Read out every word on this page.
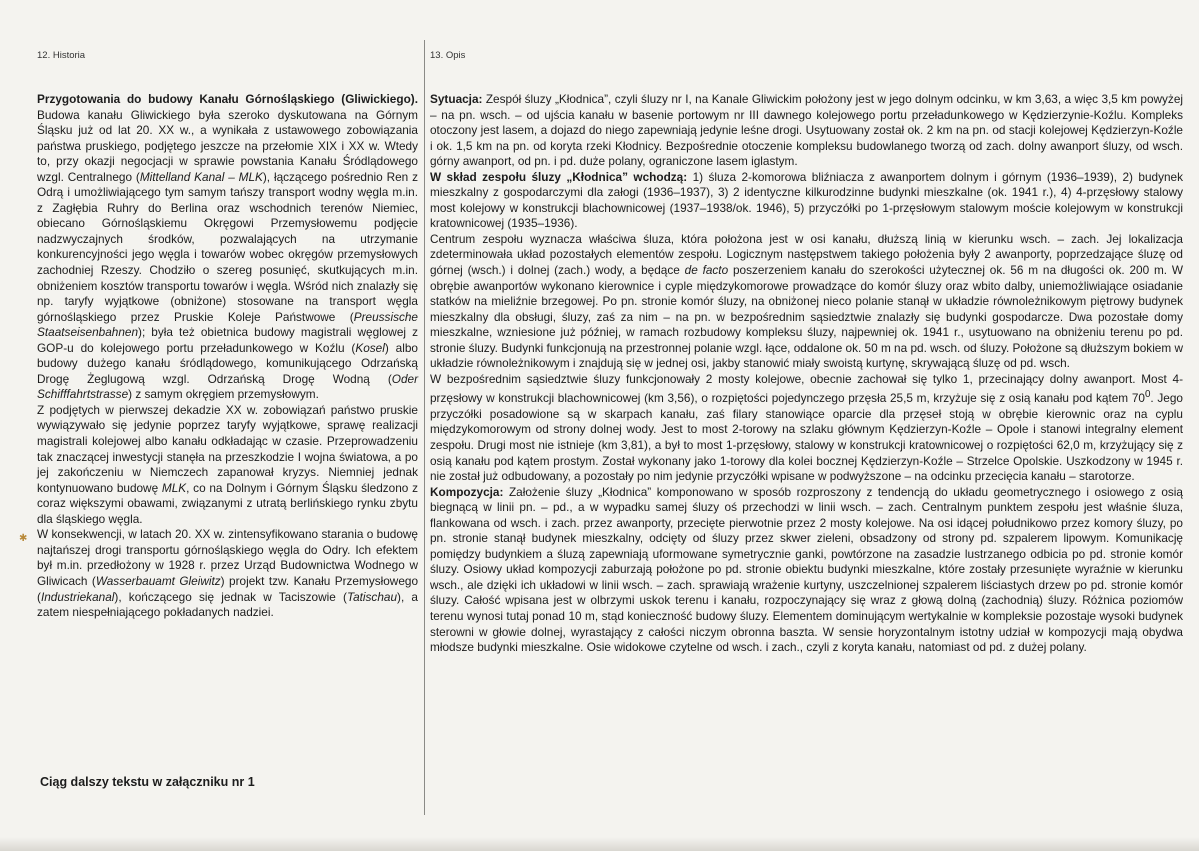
12. Historia	13. Opis
✱

Przygotowania do budowy Kanału Górnośląskiego (Gliwickiego). Budowa kanału Gliwickiego była szeroko dyskutowana na Górnym Śląsku już od lat 20. XX w., a wynikała z ustawowego zobowiązania państwa pruskiego, podjętego jeszcze na przełomie XIX i XX w. Wtedy to, przy okazji negocjacji w sprawie powstania Kanału Śródlądowego wzgl. Centralnego (Mittelland Kanal – MLK), łączącego pośrednio Ren z Odrą i umożliwiającego tym samym tańszy transport wodny węgla m.in. z Zagłębia Ruhry do Berlina oraz wschodnich terenów Niemiec, obiecano Górnośląskiemu Okręgowi Przemysłowemu podjęcie nadzwyczajnych środków, pozwalających na utrzymanie konkurencyjności jego węgla i towarów wobec okręgów przemysłowych zachodniej Rzeszy. Chodziło o szereg posunięć, skutkujących m.in. obniżeniem kosztów transportu towarów i węgla. Wśród nich znalazły się np. taryfy wyjątkowe (obniżone) stosowane na transport węgla górnośląskiego przez Pruskie Koleje Państwowe (Preussische Staatseisenbahnen); była też obietnica budowy magistrali węglowej z GOP-u do kolejowego portu przeładunkowego w Koźlu (Kosel) albo budowy dużego kanału śródlądowego, komunikującego Odrzańską Drogę Żeglugową wzgl. Odrzańską Drogę Wodną (Oder Schifffahrtstrasse) z samym okręgiem przemysłowym.

Z podjętych w pierwszej dekadzie XX w. zobowiązań państwo pruskie wywiązywało się jedynie poprzez taryfy wyjątkowe, sprawę realizacji magistrali kolejowej albo kanału odkładając w czasie. Przeprowadzeniu tak znaczącej inwestycji stanęła na przeszkodzie I wojna światowa, a po jej zakończeniu w Niemczech zapanował kryzys. Niemniej jednak kontynuowano budowę MLK, co na Dolnym i Górnym Śląsku śledzono z coraz większymi obawami, związanymi z utratą berlińskiego rynku zbytu dla śląskiego węgla.

W konsekwencji, w latach 20. XX w. zintensyfikowano starania o budowę najtańszej drogi transportu górnośląskiego węgla do Odry. Ich efektem był m.in. przedłożony w 1928 r. przez Urząd Budownictwa Wodnego w Gliwicach (Wasserbauamt Gleiwitz) projekt tzw. Kanału Przemysłowego (Industriekanal), kończącego się jednak w Taciszowie (Tatischau), a zatem niespełniającego pokładanych nadziei.

Ciąg dalszy tekstu w załączniku nr 1

Sytuacja: Zespół śluzy „Kłodnica”, czyli śluzy nr I, na Kanale Gliwickim położony jest w jego dolnym odcinku, w km 3,63, a więc 3,5 km powyżej – na pn. wsch. – od ujścia kanału w basenie portowym nr III dawnego kolejowego portu przeładunkowego w Kędzierzynie-Koźlu. Kompleks otoczony jest lasem, a dojazd do niego zapewniają jedynie leśne drogi. Usytuowany został ok. 2 km na pn. od stacji kolejowej Kędzierzyn-Koźle i ok. 1,5 km na pn. od koryta rzeki Kłodnicy. Bezpośrednie otoczenie kompleksu budowlanego tworzą od zach. dolny awanport śluzy, od wsch. górny awanport, od pn. i pd. duże polany, ograniczone lasem iglastym.

W skład zespołu śluzy „Kłodnica” wchodzą: 1) śluza 2-komorowa bliźniacza z awanportem dolnym i górnym (1936–1939), 2) budynek mieszkalny z gospodarczymi dla załogi (1936–1937), 3) 2 identyczne kilkurodzinne budynki mieszkalne (ok. 1941 r.), 4) 4-przęsłowy stalowy most kolejowy w konstrukcji blachownicowej (1937–1938/ok. 1946), 5) przyczółki po 1-przęsłowym stalowym moście kolejowym w konstrukcji kratownicowej (1935–1936).

Centrum zespołu wyznacza właściwa śluza, która położona jest w osi kanału, dłuższą linią w kierunku wsch. – zach. Jej lokalizacja zdeterminowała układ pozostałych elementów zespołu. Logicznym następstwem takiego położenia były 2 awanporty, poprzedzające śluzę od górnej (wsch.) i dolnej (zach.) wody, a będące de facto poszerzeniem kanału do szerokości użytecznej ok. 56 m na długości ok. 200 m. W obrębie awanportów wykonano kierownice i cyple międzykomorowe prowadzące do komór śluzy oraz wbito dalby, uniemożliwiające osiadanie statków na mieliźnie brzegowej. Po pn. stronie komór śluzy, na obniżonej nieco polanie stanął w układzie równoleżnikowym piętrowy budynek mieszkalny dla obsługi, śluzy, zaś za nim – na pn. w bezpośrednim sąsiedztwie znalazły się budynki gospodarcze. Dwa pozostałe domy mieszkalne, wzniesione już później, w ramach rozbudowy kompleksu śluzy, najpewniej ok. 1941 r., usytuowano na obniżeniu terenu po pd. stronie śluzy. Budynki funkcjonują na przestronnej polanie wzgl. łące, oddalone ok. 50 m na pd. wsch. od śluzy. Położone są dłuższym bokiem w układzie równoleżnikowym i znajdują się w jednej osi, jakby stanowić miały swoistą kurtynę, skrywającą śluzę od pd. wsch.

W bezpośrednim sąsiedztwie śluzy funkcjonowały 2 mosty kolejowe, obecnie zachował się tylko 1, przecinający dolny awanport. Most 4-przęsłowy w konstrukcji blachownicowej (km 3,56), o rozpiętości pojedynczego przęsła 25,5 m, krzyżuje się z osią kanału pod kątem $70^0$. Jego przyczółki posadowione są w skarpach kanału, zaś filary stanowiące oparcie dla przęseł stoją w obrębie kierownic oraz na cyplu międzykomorowym od strony dolnej wody. Jest to most 2-torowy na szlaku głównym Kędzierzyn-Koźle – Opole i stanowi integralny element zespołu. Drugi most nie istnieje (km 3,81), a był to most 1-przęsłowy, stalowy w konstrukcji kratownicowej o rozpiętości 62,0 m, krzyżujący się z osią kanału pod kątem prostym. Został wykonany jako 1-torowy dla kolei bocznej Kędzierzyn-Koźle – Strzelce Opolskie. Uszkodzony w 1945 r. nie został już odbudowany, a pozostały po nim jedynie przyczółki wpisane w podwyższone – na odcinku przecięcia kanału – starotorze.

Kompozycja: Założenie śluzy „Kłodnica” komponowano w sposób rozproszony z tendencją do układu geometrycznego i osiowego z osią biegnącą w linii pn. – pd., a w wypadku samej śluzy oś przechodzi w linii wsch. – zach. Centralnym punktem zespołu jest właśnie śluza, flankowana od wsch. i zach. przez awanporty, przecięte pierwotnie przez 2 mosty kolejowe. Na osi idącej południkowo przez komory śluzy, po pn. stronie stanął budynek mieszkalny, odcięty od śluzy przez skwer zieleni, obsadzony od strony pd. szpalerem lipowym. Komunikację pomiędzy budynkiem a śluzą zapewniają uformowane symetrycznie ganki, powtórzone na zasadzie lustrzanego odbicia po pd. stronie komór śluzy. Osiowy układ kompozycji zaburzają położone po pd. stronie obiektu budynki mieszkalne, które zostały przesunięte wyraźnie w kierunku wsch., ale dzięki ich układowi w linii wsch. – zach. sprawiają wrażenie kurtyny, uszczelnionej szpalerem liściastych drzew po pd. stronie komór śluzy. Całość wpisana jest w olbrzymi uskok terenu i kanału, rozpoczynający się wraz z głową dolną (zachodnią) śluzy. Różnica poziomów terenu wynosi tutaj ponad 10 m, stąd konieczność budowy śluzy. Elementem dominującym wertykalnie w kompleksie pozostaje wysoki budynek sterowni w głowie dolnej, wyrastający z całości niczym obronna baszta. W sensie horyzontalnym istotny udział w kompozycji mają obydwa młodsze budynki mieszkalne. Osie widokowe czytelne od wsch. i zach., czyli z koryta kanału, natomiast od pd. z dużej polany.
